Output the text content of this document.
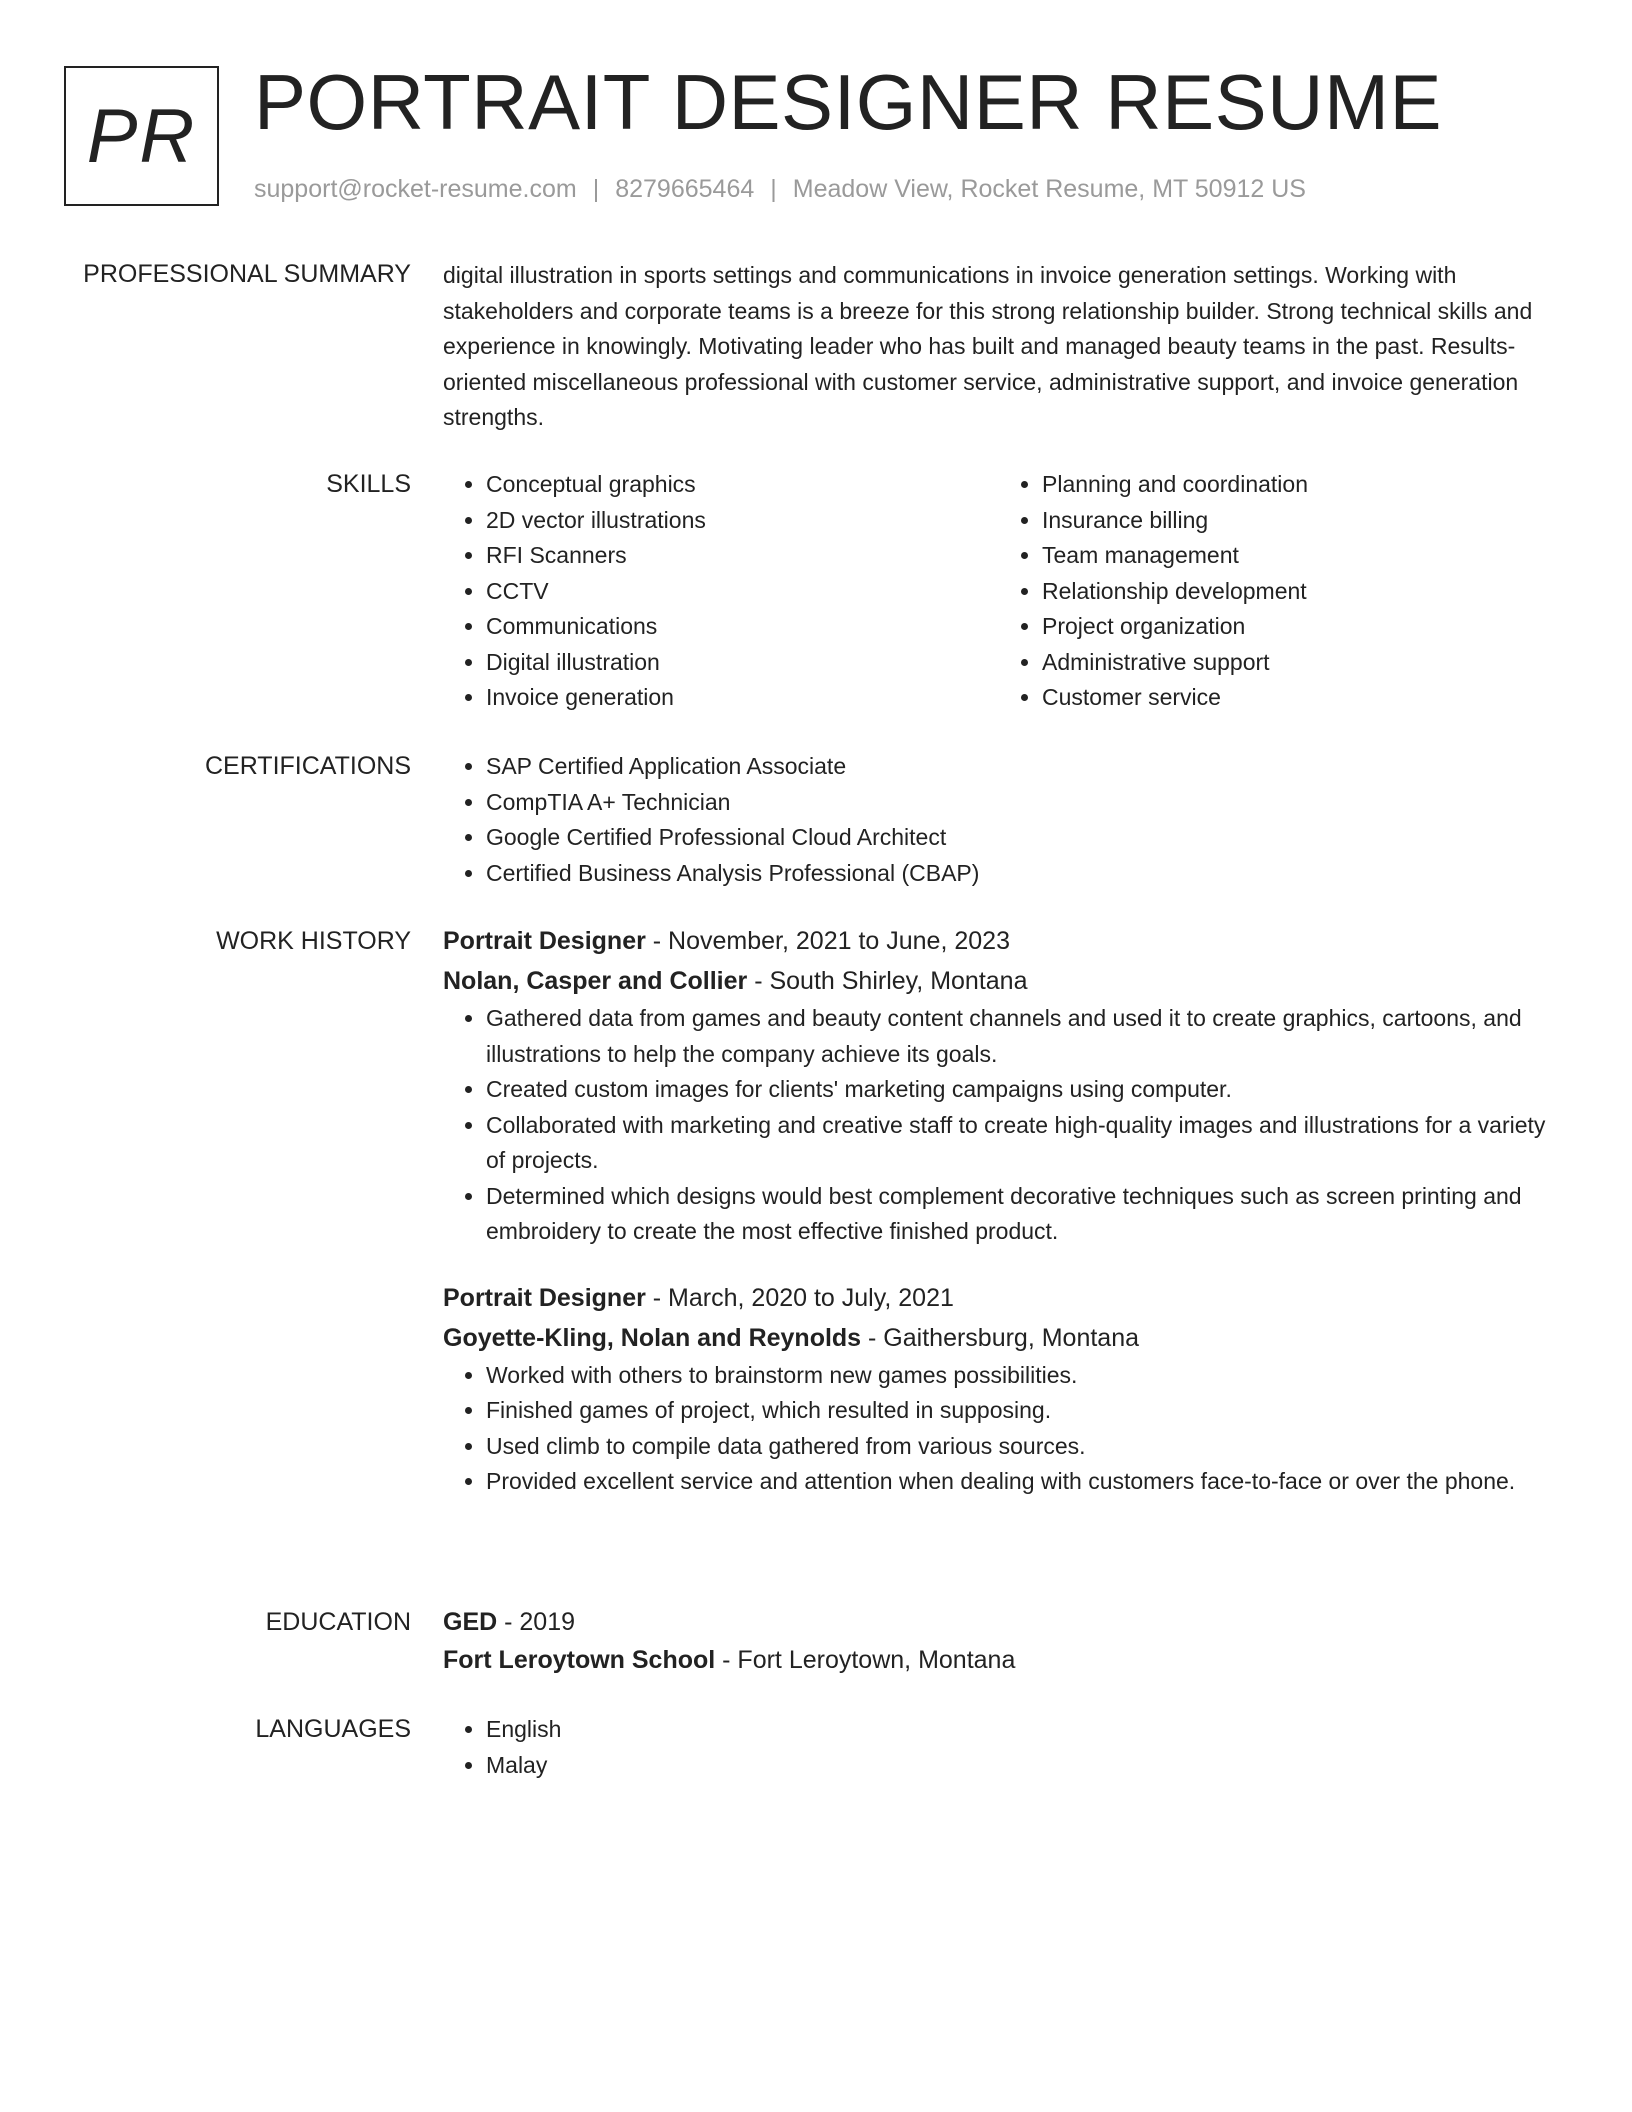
PR PORTRAIT DESIGNER RESUME
support@rocket-resume.com | 8279665464 | Meadow View, Rocket Resume, MT 50912 US
PROFESSIONAL SUMMARY digital illustration in sports settings and communications in invoice generation settings. Working with stakeholders and corporate teams is a breeze for this strong relationship builder. Strong technical skills and experience in knowingly. Motivating leader who has built and managed beauty teams in the past. Results-oriented miscellaneous professional with customer service, administrative support, and invoice generation strengths.

SKILLS	• Conceptual graphics
• 2D vector illustrations
• RFI Scanners
• CCTV
• Communications
• Digital illustration
• Invoice generation
• Planning and coordination
• Insurance billing
• Team management
• Relationship development
• Project organization
• Administrative support
• Customer service
CERTIFICATIONS	• SAP Certified Application Associate
• CompTIA A+ Technician
• Google Certified Professional Cloud Architect
• Certified Business Analysis Professional (CBAP)
WORK HISTORY Portrait Designer - November, 2021 to June, 2023
Nolan, Casper and Collier - South Shirley, Montana
• Gathered data from games and beauty content channels and used it to create graphics, cartoons, and illustrations to help the company achieve its goals.
• Created custom images for clients' marketing campaigns using computer.
• Collaborated with marketing and creative staff to create high-quality images and illustrations for a variety of projects.
• Determined which designs would best complement decorative techniques such as screen printing and embroidery to create the most effective finished product.
Portrait Designer - March, 2020 to July, 2021
Goyette-Kling, Nolan and Reynolds - Gaithersburg, Montana
• Worked with others to brainstorm new games possibilities.
• Finished games of project, which resulted in supposing.
• Used climb to compile data gathered from various sources.
• Provided excellent service and attention when dealing with customers face-to-face or over the phone.
EDUCATION GED - 2019
Fort Leroytown School - Fort Leroytown, Montana
LANGUAGES	• English
• Malay
